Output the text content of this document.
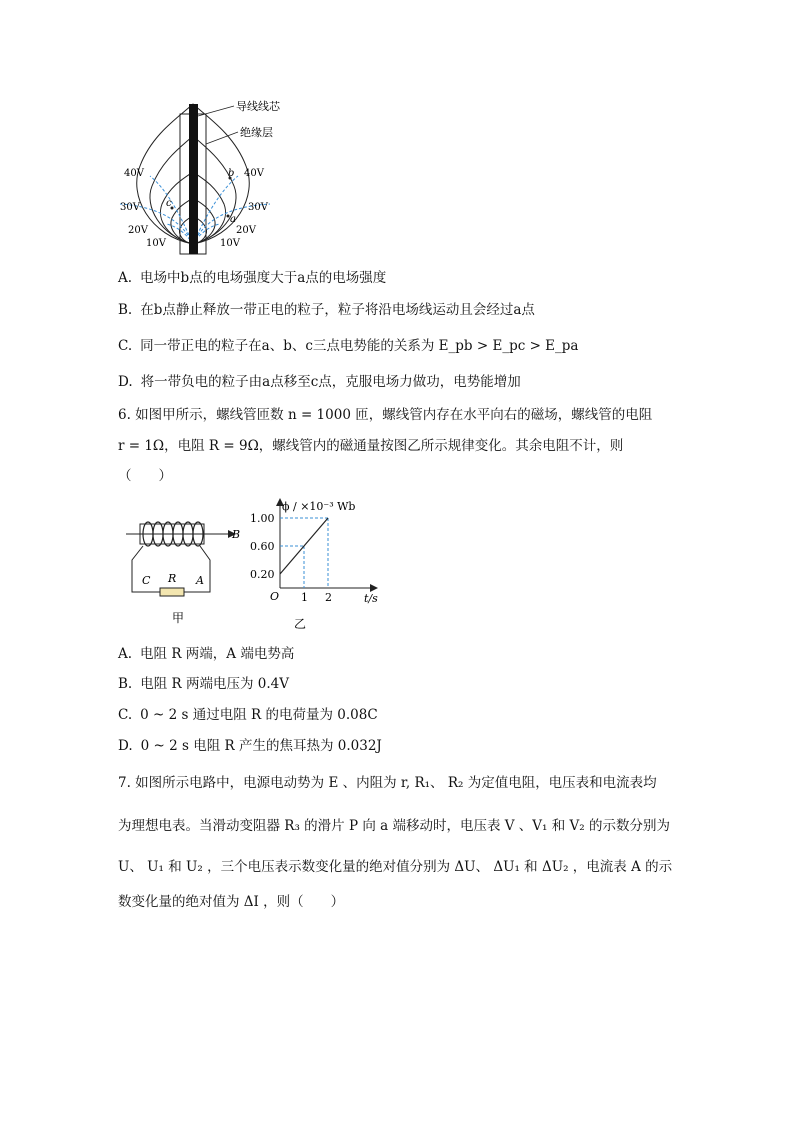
导线线芯
绝缘层
40V
30V
20V
10V
40V
30V
20V
10V
b
a
c
A. 电场中b点的电场强度大于a点的电场强度
B. 在b点静止释放一带正电的粒子，粒子将沿电场线运动且会经过a点
C. 同一带正电的粒子在a、b、c三点电势能的关系为 E_pb > E_pc > E_pa
D. 将一带负电的粒子由a点移至c点，克服电场力做功，电势能增加
6. 如图甲所示，螺线管匝数 n = 1000 匝，螺线管内存在水平向右的磁场，螺线管的电阻
r = 1Ω，电阻 R = 9Ω，螺线管内的磁通量按图乙所示规律变化。其余电阻不计，则
（　　）
B
C R A
甲
ϕ / ×10⁻³ Wb
t/s
O
乙
0.20
0.60
1.00
1 2
A. 电阻 R 两端，A 端电势高
B. 电阻 R 两端电压为 0.4V
C. 0 ~ 2 s 通过电阻 R 的电荷量为 0.08C
D. 0 ~ 2 s 电阻 R 产生的焦耳热为 0.032J
7. 如图所示电路中，电源电动势为 E 、内阻为 r, R₁、 R₂ 为定值电阻，电压表和电流表均
为理想电表。当滑动变阻器 R₃ 的滑片 P 向 a 端移动时，电压表 V 、V₁ 和 V₂ 的示数分别为
U、 U₁ 和 U₂ ，三个电压表示数变化量的绝对值分别为 ΔU、 ΔU₁ 和 ΔU₂ ，电流表 A 的示
数变化量的绝对值为 ΔI ，则（　　）
